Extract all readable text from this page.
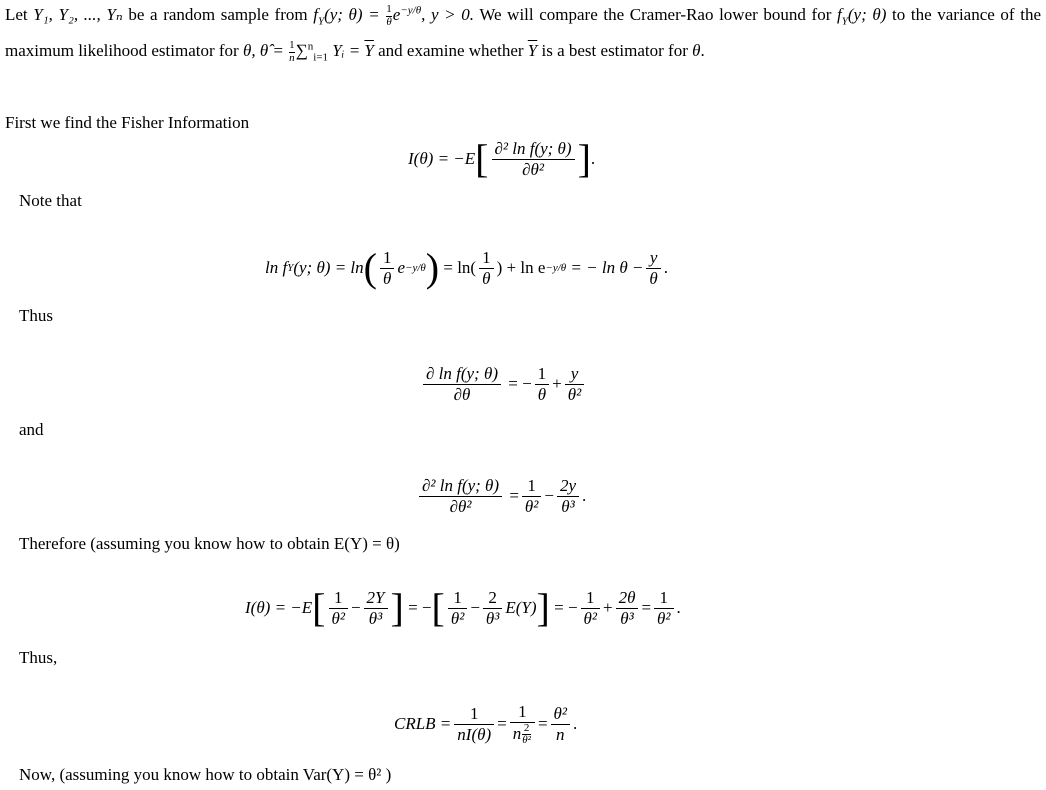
Let Y₁, Y₂, ..., Yₙ be a random sample from $f_Y(y$; $\theta) = \frac{1}{\theta} e^{-y/\theta}$, y > 0. We will compare the Cramer-Rao lower bound for $f_Y(y$; θ) to the variance of the maximum likelihood estimator for θ, θ̂ = $\frac{1}{n} \sum^n_{i=1}$ Yᵢ = $\overline{Y}$ and examine whether $\overline{Y}$ is a best estimator for θ.
First we find the Fisher Information
I(θ) = −E [ $\frac{\text{∂² ln f(y; θ)}}{\text{∂θ²}}$ ] .
Note that
ln f Y (y; θ) = ln ( $\frac{1}{\theta}$ e −y/θ )
= $\ln( \frac{1}{\theta}$ ) + ln e −y/θ
= − $\ln \theta - \frac{y}{\theta}$ .
Thus
$\frac{\text{∂ ln f(y; θ)}}{\partial\theta}$
= − $\frac{1}{\theta} + \frac{y}{\text{θ²}}$
and
$\frac{\text{∂² ln f(y; θ)}}{\text{∂θ²}}$
= $\frac{1}{\text{θ²}} - \frac{2y}{\text{θ³}}$ .
Therefore (assuming you know how to obtain E(Y) = θ)
I(θ) = −E [ $\frac{1}{\text{θ²}} - \frac{2Y}{\text{θ³}}$ ]
= − [ $\frac{1}{\text{θ²}} - \frac{2}{\text{θ³}} E(Y)$ ]
= − $\frac{1}{\text{θ²}} + \frac{2\theta}{\text{θ³}} = \frac{1}{\text{θ²}}$ .
Thus,
CRLB = $\frac{1}{nI(\theta)} = \frac{1}{n \frac{2}{\text{θ²}}} = \frac{\text{θ²}}{n}$ .
Now, (assuming you know how to obtain Var(Y) = θ² )
